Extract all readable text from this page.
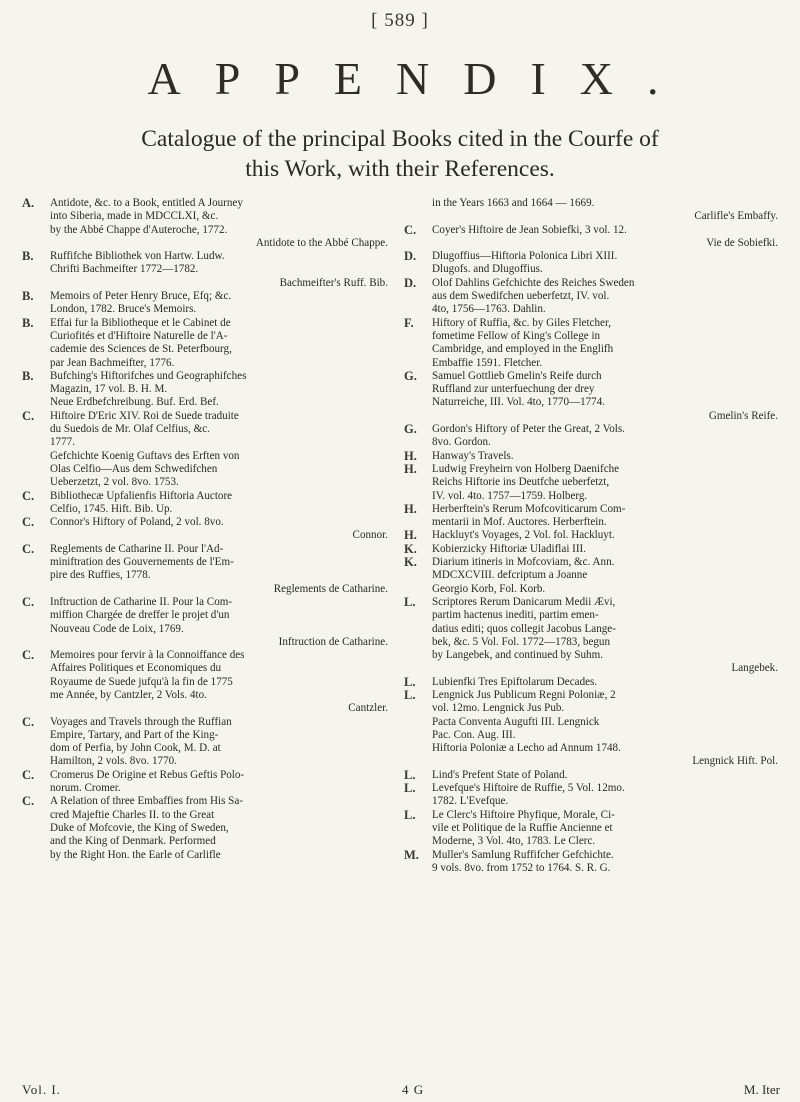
[ 589 ]
APPENDIX.
Catalogue of the principal Books cited in the Courfe of
this Work, with their References.
A.	Antidote, &c. to a Book, entitled A Journey
into Siberia, made in MDCCLXI, &c.
by the Abbé Chappe d'Auteroche, 1772.
Antidote to the Abbé Chappe.
B.	Ruffifche Bibliothek von Hartw. Ludw.
Chrifti Bachmeifter 1772—1782.
Bachmeifter's Ruff. Bib.
B.	Memoirs of Peter Henry Bruce, Efq; &c.
London, 1782. Bruce's Memoirs.
B.	Effai fur la Bibliotheque et le Cabinet de
Curiofités et d'Hiftoire Naturelle de l'A-
cademie des Sciences de St. Peterfbourg,
par Jean Bachmeifter, 1776.
B.	Bufching's Hiftorifches und Geographifches
Magazin, 17 vol. B. H. M.
Neue Erdbefchreibung. Buf. Erd. Bef.
C.	Hiftoire D'Eric XIV. Roi de Suede traduite
du Suedois de Mr. Olaf Celfius, &c.
1777.
Gefchichte Koenig Guftavs des Erften von
Olas Celfio—Aus dem Schwedifchen
Ueberzetzt, 2 vol. 8vo. 1753.
C.	Bibliothecæ Upfalienfis Hiftoria Auctore
Celfio, 1745. Hift. Bib. Up.
C.	Connor's Hiftory of Poland, 2 vol. 8vo.
Connor.
C.	Reglements de Catharine II. Pour l'Ad-
miniftration des Gouvernements de l'Em-
pire des Ruffies, 1778.
Reglements de Catharine.
C.	Inftruction de Catharine II. Pour la Com-
miffion Chargée de dreffer le projet d'un
Nouveau Code de Loix, 1769.
Inftruction de Catharine.
C.	Memoires pour fervir à la Connoiffance des
Affaires Politiques et Economiques du
Royaume de Suede jufqu'à la fin de 1775
me Année, by Cantzler, 2 Vols. 4to.
Cantzler.
C.	Voyages and Travels through the Ruffian
Empire, Tartary, and Part of the King-
dom of Perfia, by John Cook, M. D. at
Hamilton, 2 vols. 8vo. 1770.
C.	Cromerus De Origine et Rebus Geftis Polo-
norum. Cromer.
C.	A Relation of three Embaffies from His Sa-
cred Majeftie Charles II. to the Great
Duke of Mofcovie, the King of Sweden,
and the King of Denmark. Performed
by the Right Hon. the Earle of Carlifle
in the Years 1663 and 1664 — 1669.
Carlifle's Embaffy.
C.	Coyer's Hiftoire de Jean Sobiefki, 3 vol. 12.
Vie de Sobiefki.
D.	Dlugoffius—Hiftoria Polonica Libri XIII.
Dlugofs. and Dlugoffius.
D.	Olof Dahlins Gefchichte des Reiches Sweden
aus dem Swedifchen ueberfetzt, IV. vol.
4to, 1756—1763. Dahlin.
F.	Hiftory of Ruffia, &c. by Giles Fletcher,
fometime Fellow of King's College in
Cambridge, and employed in the Englifh
Embaffie 1591. Fletcher.
G.	Samuel Gottlieb Gmelin's Reife durch
Ruffland zur unterfuechung der drey
Naturreiche, III. Vol. 4to, 1770—1774.
Gmelin's Reife.
G.	Gordon's Hiftory of Peter the Great, 2 Vols.
8vo. Gordon.
H.	Hanway's Travels.
H.	Ludwig Freyheirn von Holberg Daenifche
Reichs Hiftorie ins Deutfche ueberfetzt,
IV. vol. 4to. 1757—1759. Holberg.
H.	Herberftein's Rerum Mofcoviticarum Com-
mentarii in Mof. Auctores. Herberftein.
H.	Hackluyt's Voyages, 2 Vol. fol. Hackluyt.
K.	Kobierzicky Hiftoriæ Uladiflai III.
K.	Diarium itineris in Mofcoviam, &c. Ann.
MDCXCVIII. defcriptum a Joanne
Georgio Korb, Fol. Korb.
L.	Scriptores Rerum Danicarum Medii Ævi,
partim hactenus inediti, partim emen-
datius editi; quos collegit Jacobus Lange-
bek, &c. 5 Vol. Fol. 1772—1783, begun
by Langebek, and continued by Suhm.
Langebek.
L.	Lubienfki Tres Epiftolarum Decades.
L.	Lengnick Jus Publicum Regni Poloniæ, 2
vol. 12mo. Lengnick Jus Pub.
Pacta Conventa Augufti III. Lengnick
Pac. Con. Aug. III.
Hiftoria Poloniæ a Lecho ad Annum 1748.
Lengnick Hift. Pol.
L.	Lind's Prefent State of Poland.
L.	Levefque's Hiftoire de Ruffie, 5 Vol. 12mo.
1782. L'Evefque.
L.	Le Clerc's Hiftoire Phyfique, Morale, Ci-
vile et Politique de la Ruffie Ancienne et
Moderne, 3 Vol. 4to, 1783. Le Clerc.
M.	Muller's Samlung Ruffifcher Gefchichte.
9 vols. 8vo. from 1752 to 1764. S. R. G.
Vol. I.	4 G	M. Iter
